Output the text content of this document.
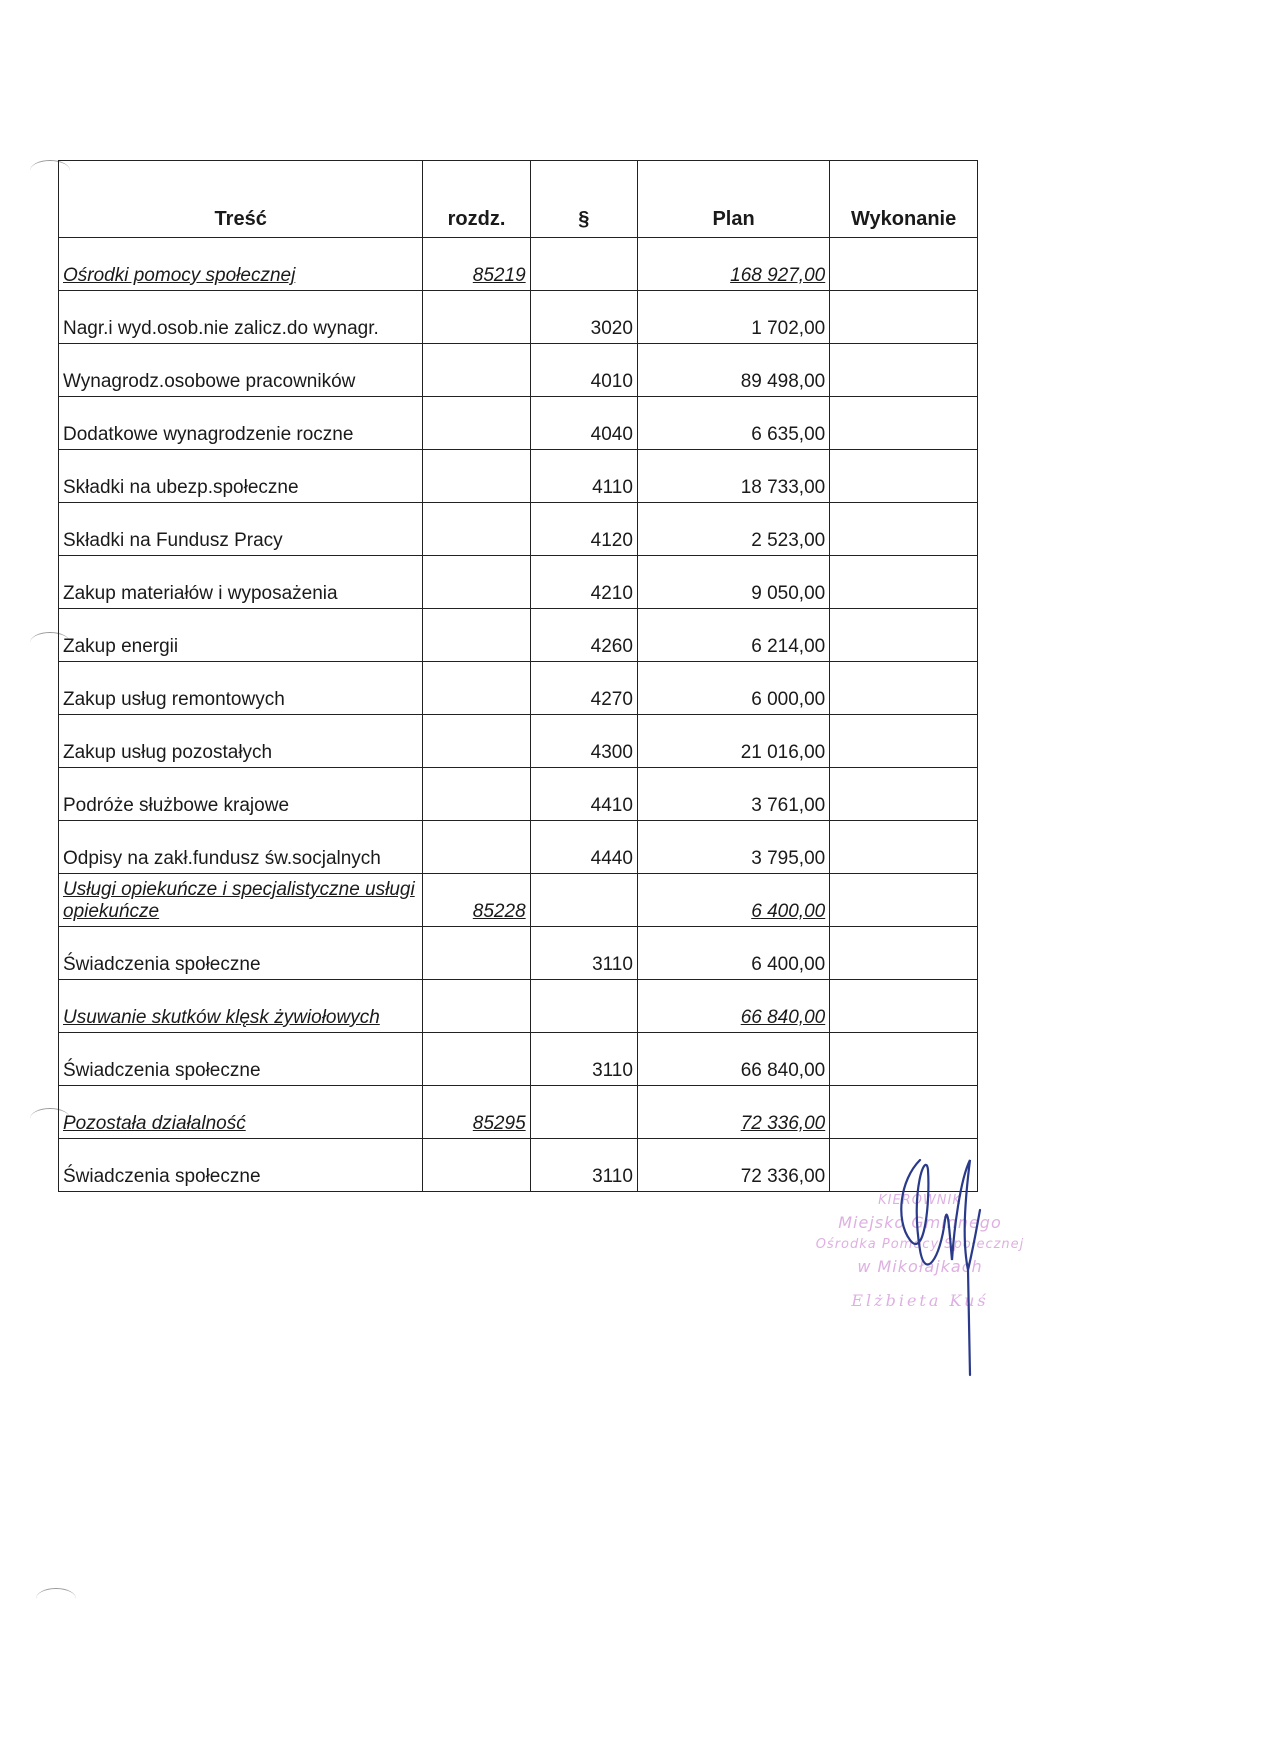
Treść	rozdz.	§	Plan	Wykonanie
Ośrodki pomocy społecznej	85219		168 927,00	
Nagr.i wyd.osob.nie zalicz.do wynagr.		3020	1 702,00	
Wynagrodz.osobowe pracowników		4010	89 498,00	
Dodatkowe wynagrodzenie roczne		4040	6 635,00	
Składki na ubezp.społeczne		4110	18 733,00	
Składki na Fundusz Pracy		4120	2 523,00	
Zakup materiałów i wyposażenia		4210	9 050,00	
Zakup energii		4260	6 214,00	
Zakup usług remontowych		4270	6 000,00	
Zakup usług pozostałych		4300	21 016,00	
Podróże służbowe krajowe		4410	3 761,00	
Odpisy na zakł.fundusz św.socjalnych		4440	3 795,00	
Usługi opiekuńcze i specjalistyczne usługi opiekuńcze	85228		6 400,00	
Świadczenia społeczne		3110	6 400,00	
Usuwanie skutków klęsk żywiołowych			66 840,00	
Świadczenia społeczne		3110	66 840,00	
Pozostała działalność	85295		72 336,00	
Świadczenia społeczne		3110	72 336,00	
KIEROWNIK
Miejsko Gminnego
Ośrodka Pomocy Społecznej
w Mikołajkach
Elżbieta Kuś
